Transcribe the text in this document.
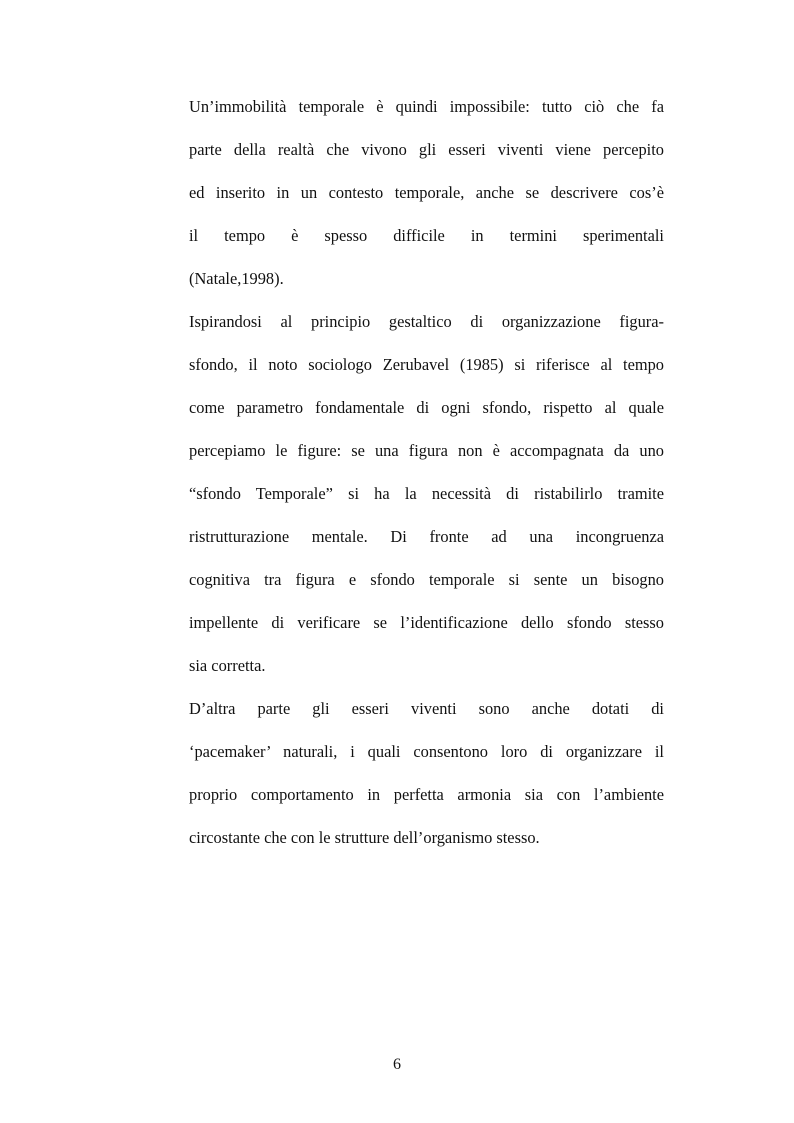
Un’immobilità temporale è quindi impossibile: tutto ciò che fa
parte della realtà che vivono gli esseri viventi viene percepito
ed inserito in un contesto temporale, anche se descrivere cos’è
il tempo è spesso difficile in termini sperimentali
(Natale,1998).
Ispirandosi al principio gestaltico di organizzazione figura-
sfondo, il noto sociologo Zerubavel (1985) si riferisce al tempo
come parametro fondamentale di ogni sfondo, rispetto al quale
percepiamo le figure: se una figura non è accompagnata da uno
“sfondo Temporale” si ha la necessità di ristabilirlo tramite
ristrutturazione mentale. Di fronte ad una incongruenza
cognitiva tra figura e sfondo temporale si sente un bisogno
impellente di verificare se l’identificazione dello sfondo stesso
sia corretta.
D’altra parte gli esseri viventi sono anche dotati di
‘pacemaker’ naturali, i quali consentono loro di organizzare il
proprio comportamento in perfetta armonia sia con l’ambiente
circostante che con le strutture dell’organismo stesso.
6
